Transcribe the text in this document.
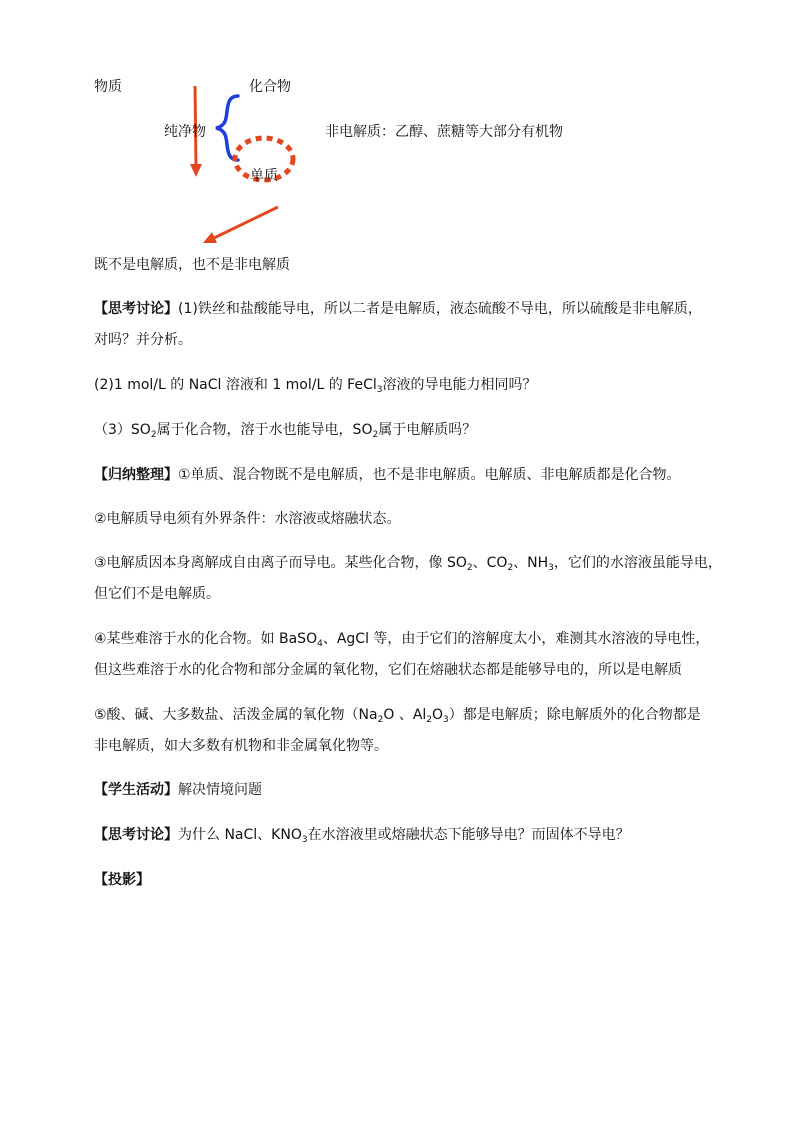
物质	化合物
纯净物	非电解质：乙醇、蔗糖等大部分有机物
单质
既不是电解质，也不是非电解质
【思考讨论】(1)铁丝和盐酸能导电，所以二者是电解质，液态硫酸不导电，所以硫酸是非电解质，
对吗？并分析。
(2)1 mol/L 的 NaCl 溶液和 1 mol/L 的 FeCl$_3$溶液的导电能力相同吗？
$(3)SO_2$属于化合物，溶于水也能导电，$SO_2$属于电解质吗？
【归纳整理】①单质、混合物既不是电解质，也不是非电解质。电解质、非电解质都是化合物。
②电解质导电须有外界条件：水溶液或熔融状态。
③电解质因本身离解成自由离子而导电。某些化合物，像 $SO_2$、$CO_2$、$NH_3$，它们的水溶液虽能导电，
但它们不是电解质。
④某些难溶于水的化合物。如 BaSO$_4$、AgCl 等，由于它们的溶解度太小，难测其水溶液的导电性，
但这些难溶于水的化合物和部分金属的氧化物，它们在熔融状态都是能够导电的，所以是电解质
⑤酸、碱、大多数盐、活泼金属的氧化物（$Na_2O$ 、$Al_2O_3$）都是电解质；除电解质外的化合物都是
非电解质，如大多数有机物和非金属氧化物等。
【学生活动】解决情境问题
【思考讨论】为什么 NaCl、$KNO_3$在水溶液里或熔融状态下能够导电？而固体不导电？
【投影】
